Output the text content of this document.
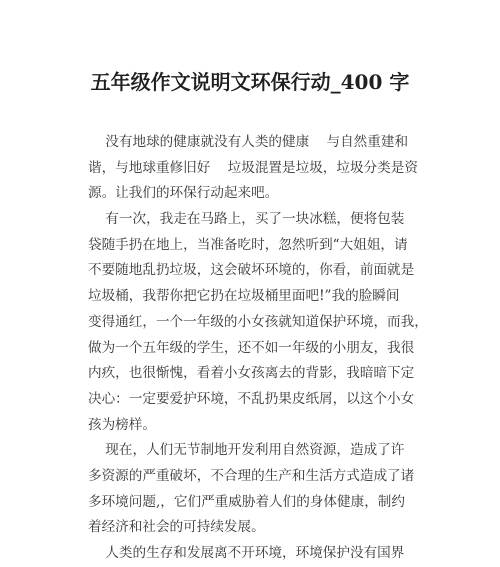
五年级作文说明文环保行动_400 字
没有地球的健康就没有人类的健康    与自然重建和
谐，与地球重修旧好    垃圾混置是垃圾，垃圾分类是资
源。让我们的环保行动起来吧。
有一次，我走在马路上，买了一块冰糕，便将包装
袋随手扔在地上，当准备吃时，忽然听到“大姐姐，请
不要随地乱扔垃圾，这会破坏环境的，你看，前面就是
垃圾桶，我帮你把它扔在垃圾桶里面吧!”我的脸瞬间
变得通红，一个一年级的小女孩就知道保护环境，而我，
做为一个五年级的学生，还不如一年级的小朋友，我很
内疚，也很惭愧，看着小女孩离去的背影，我暗暗下定
决心：一定要爱护环境，不乱扔果皮纸屑，以这个小女
孩为榜样。
现在，人们无节制地开发利用自然资源，造成了许
多资源的严重破坏，不合理的生产和生活方式造成了诸
多环境问题,，它们严重威胁着人们的身体健康，制约
着经济和社会的可持续发展。
人类的生存和发展离不开环境，环境保护没有国界
